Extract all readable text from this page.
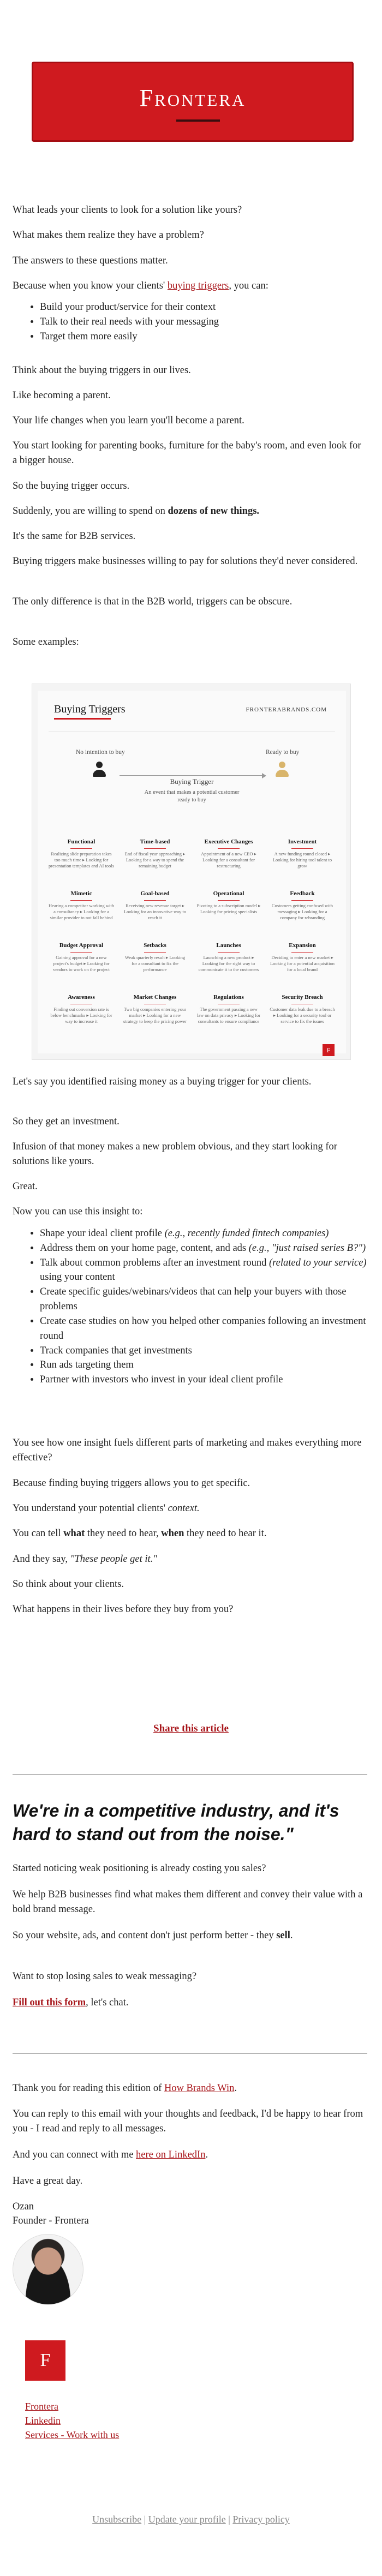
Frontera

What leads your clients to look for a solution like yours?

What makes them realize they have a problem?

The answers to these questions matter.

Because when you know your clients' buying triggers, you can:

• Build your product/service for their context
• Talk to their real needs with your messaging
• Target them more easily

Think about the buying triggers in our lives.

Like becoming a parent.

Your life changes when you learn you'll become a parent.

You start looking for parenting books, furniture for the baby's room, and even look for a bigger house.

So the buying trigger occurs.

Suddenly, you are willing to spend on dozens of new things.

It's the same for B2B services.

Buying triggers make businesses willing to pay for solutions they'd never considered.

The only difference is that in the B2B world, triggers can be obscure.

Some examples:

Buying Triggers	FRONTERABRANDS.COM
No intention to buy	Ready to buy
Buying Trigger
An event that makes a potential customer ready to buy
Functional
Realizing slide preparation takes too much time ▸ Looking for presentation templates and AI tools
Time-based
End of fiscal year approaching ▸ Looking for a way to spend the remaining budget
Executive Changes
Appointment of a new CEO ▸ Looking for a consultant for restructuring
Investment
A new funding round closed ▸ Looking for hiring tool talent to grow
Mimetic
Hearing a competitor working with a consultancy ▸ Looking for a similar provider to not fall behind
Goal-based
Receiving new revenue target ▸ Looking for an innovative way to reach it
Operational
Pivoting to a subscription model ▸ Looking for pricing specialists
Feedback
Customers getting confused with messaging ▸ Looking for a company for rebranding
Budget Approval
Gaining approval for a new project's budget ▸ Looking for vendors to work on the project
Setbacks
Weak quarterly result ▸ Looking for a consultant to fix the performance
Launches
Launching a new product ▸ Looking for the right way to communicate it to the customers
Expansion
Deciding to enter a new market ▸ Looking for a potential acquisition for a local brand
Awareness
Finding out conversion rate is below benchmarks ▸ Looking for way to increase it
Market Changes
Two big companies entering your market ▸ Looking for a new strategy to keep the pricing power
Regulations
The government passing a new law on data privacy ▸ Looking for consultants to ensure compliance
Security Breach
Customer data leak due to a breach ▸ Looking for a security tool or service to fix the issues
F

Let's say you identified raising money as a buying trigger for your clients.

So they get an investment.

Infusion of that money makes a new problem obvious, and they start looking for solutions like yours.

Great.

Now you can use this insight to:

• Shape your ideal client profile (e.g., recently funded fintech companies)
• Address them on your home page, content, and ads (e.g., "just raised series B?")
• Talk about common problems after an investment round (related to your service) using your content
• Create specific guides/webinars/videos that can help your buyers with those problems
• Create case studies on how you helped other companies following an investment round
• Track companies that get investments
• Run ads targeting them
• Partner with investors who invest in your ideal client profile

You see how one insight fuels different parts of marketing and makes everything more effective?

Because finding buying triggers allows you to get specific.

You understand your potential clients' context.

You can tell what they need to hear, when they need to hear it.

And they say, "These people get it."

So think about your clients.

What happens in their lives before they buy from you?

Share this article
We're in a competitive industry, and it's hard to stand out from the noise."

Started noticing weak positioning is already costing you sales?

We help B2B businesses find what makes them different and convey their value with a bold brand message.

So your website, ads, and content don't just perform better - they sell.

Want to stop losing sales to weak messaging?

Fill out this form, let's chat.

Thank you for reading this edition of How Brands Win.

You can reply to this email with your thoughts and feedback, I'd be happy to hear from you - I read and reply to all messages.

And you can connect with me here on LinkedIn.

Have a great day.

Ozan

Founder - Frontera

F
Frontera
Linkedin
Services - Work with us
Unsubscribe | Update your profile | Privacy policy
